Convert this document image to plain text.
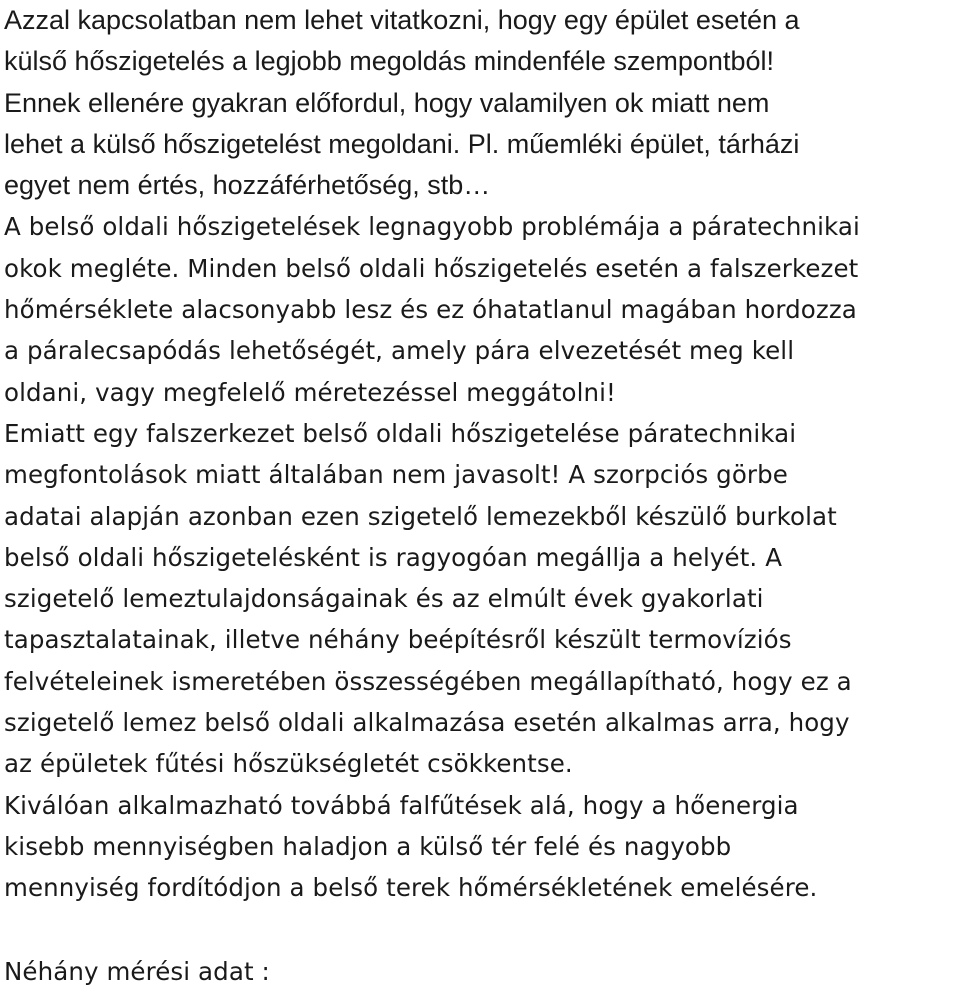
Azzal kapcsolatban nem lehet vitatkozni, hogy egy épület esetén a
külső hőszigetelés a legjobb megoldás mindenféle szempontból!
Ennek ellenére gyakran előfordul, hogy valamilyen ok miatt nem
lehet a külső hőszigetelést megoldani. Pl. műemléki épület, tárházi
egyet nem értés, hozzáférhetőség, stb…
A belső oldali hőszigetelések legnagyobb problémája a páratechnikai
okok megléte. Minden belső oldali hőszigetelés esetén a falszerkezet
hőmérséklete alacsonyabb lesz és ez óhatatlanul magában hordozza
a páralecsapódás lehetőségét, amely pára elvezetését meg kell
oldani, vagy megfelelő méretezéssel meggátolni!
Emiatt egy falszerkezet belső oldali hőszigetelése páratechnikai
megfontolások miatt általában nem javasolt! A szorpciós görbe
adatai alapján azonban ezen szigetelő lemezekből készülő burkolat
belső oldali hőszigetelésként is ragyogóan megállja a helyét. A
szigetelő lemeztulajdonságainak és az elmúlt évek gyakorlati
tapasztalatainak, illetve néhány beépítésről készült termovíziós
felvételeinek ismeretében összességében megállapítható, hogy ez a
szigetelő lemez belső oldali alkalmazása esetén alkalmas arra, hogy
az épületek fűtési hőszükségletét csökkentse.
Kiválóan alkalmazható továbbá falfűtések alá, hogy a hőenergia
kisebb mennyiségben haladjon a külső tér felé és nagyobb
mennyiség fordítódjon a belső terek hőmérsékletének emelésére.
Néhány mérési adat :
